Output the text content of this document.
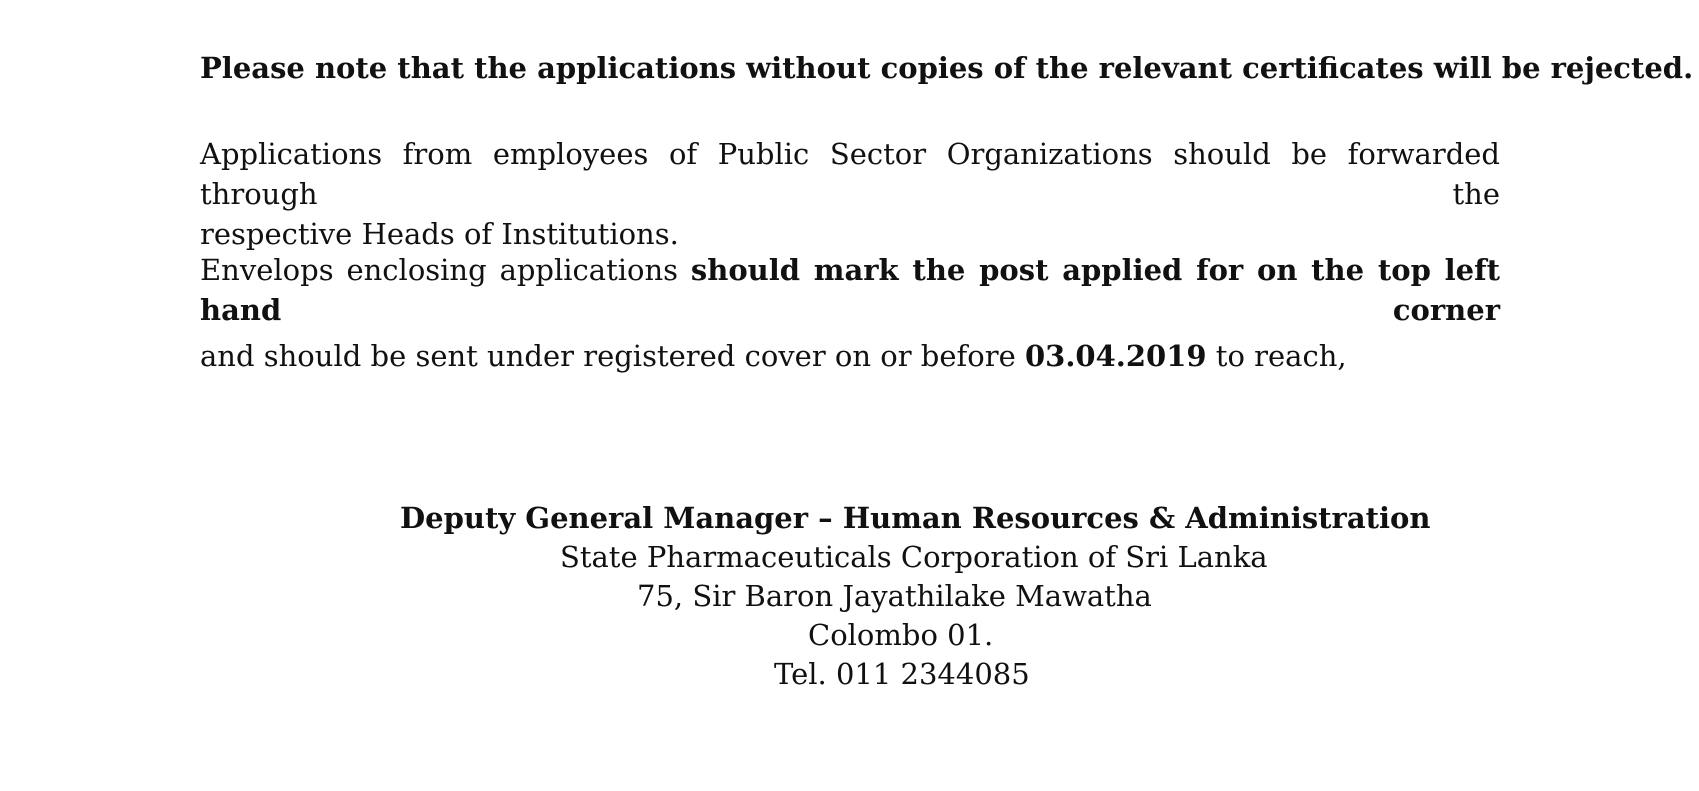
Please note that the applications without copies of the relevant certificates will be rejected.

Applications from employees of Public Sector Organizations should be forwarded through the
respective Heads of Institutions.

Envelops enclosing applications should mark the post applied for on the top left hand corner
and should be sent under registered cover on or before 03.04.2019 to reach,

Deputy General Manager – Human Resources & Administration
State Pharmaceuticals Corporation of Sri Lanka
75, Sir Baron Jayathilake Mawatha
Colombo 01.
Tel. 011 2344085
